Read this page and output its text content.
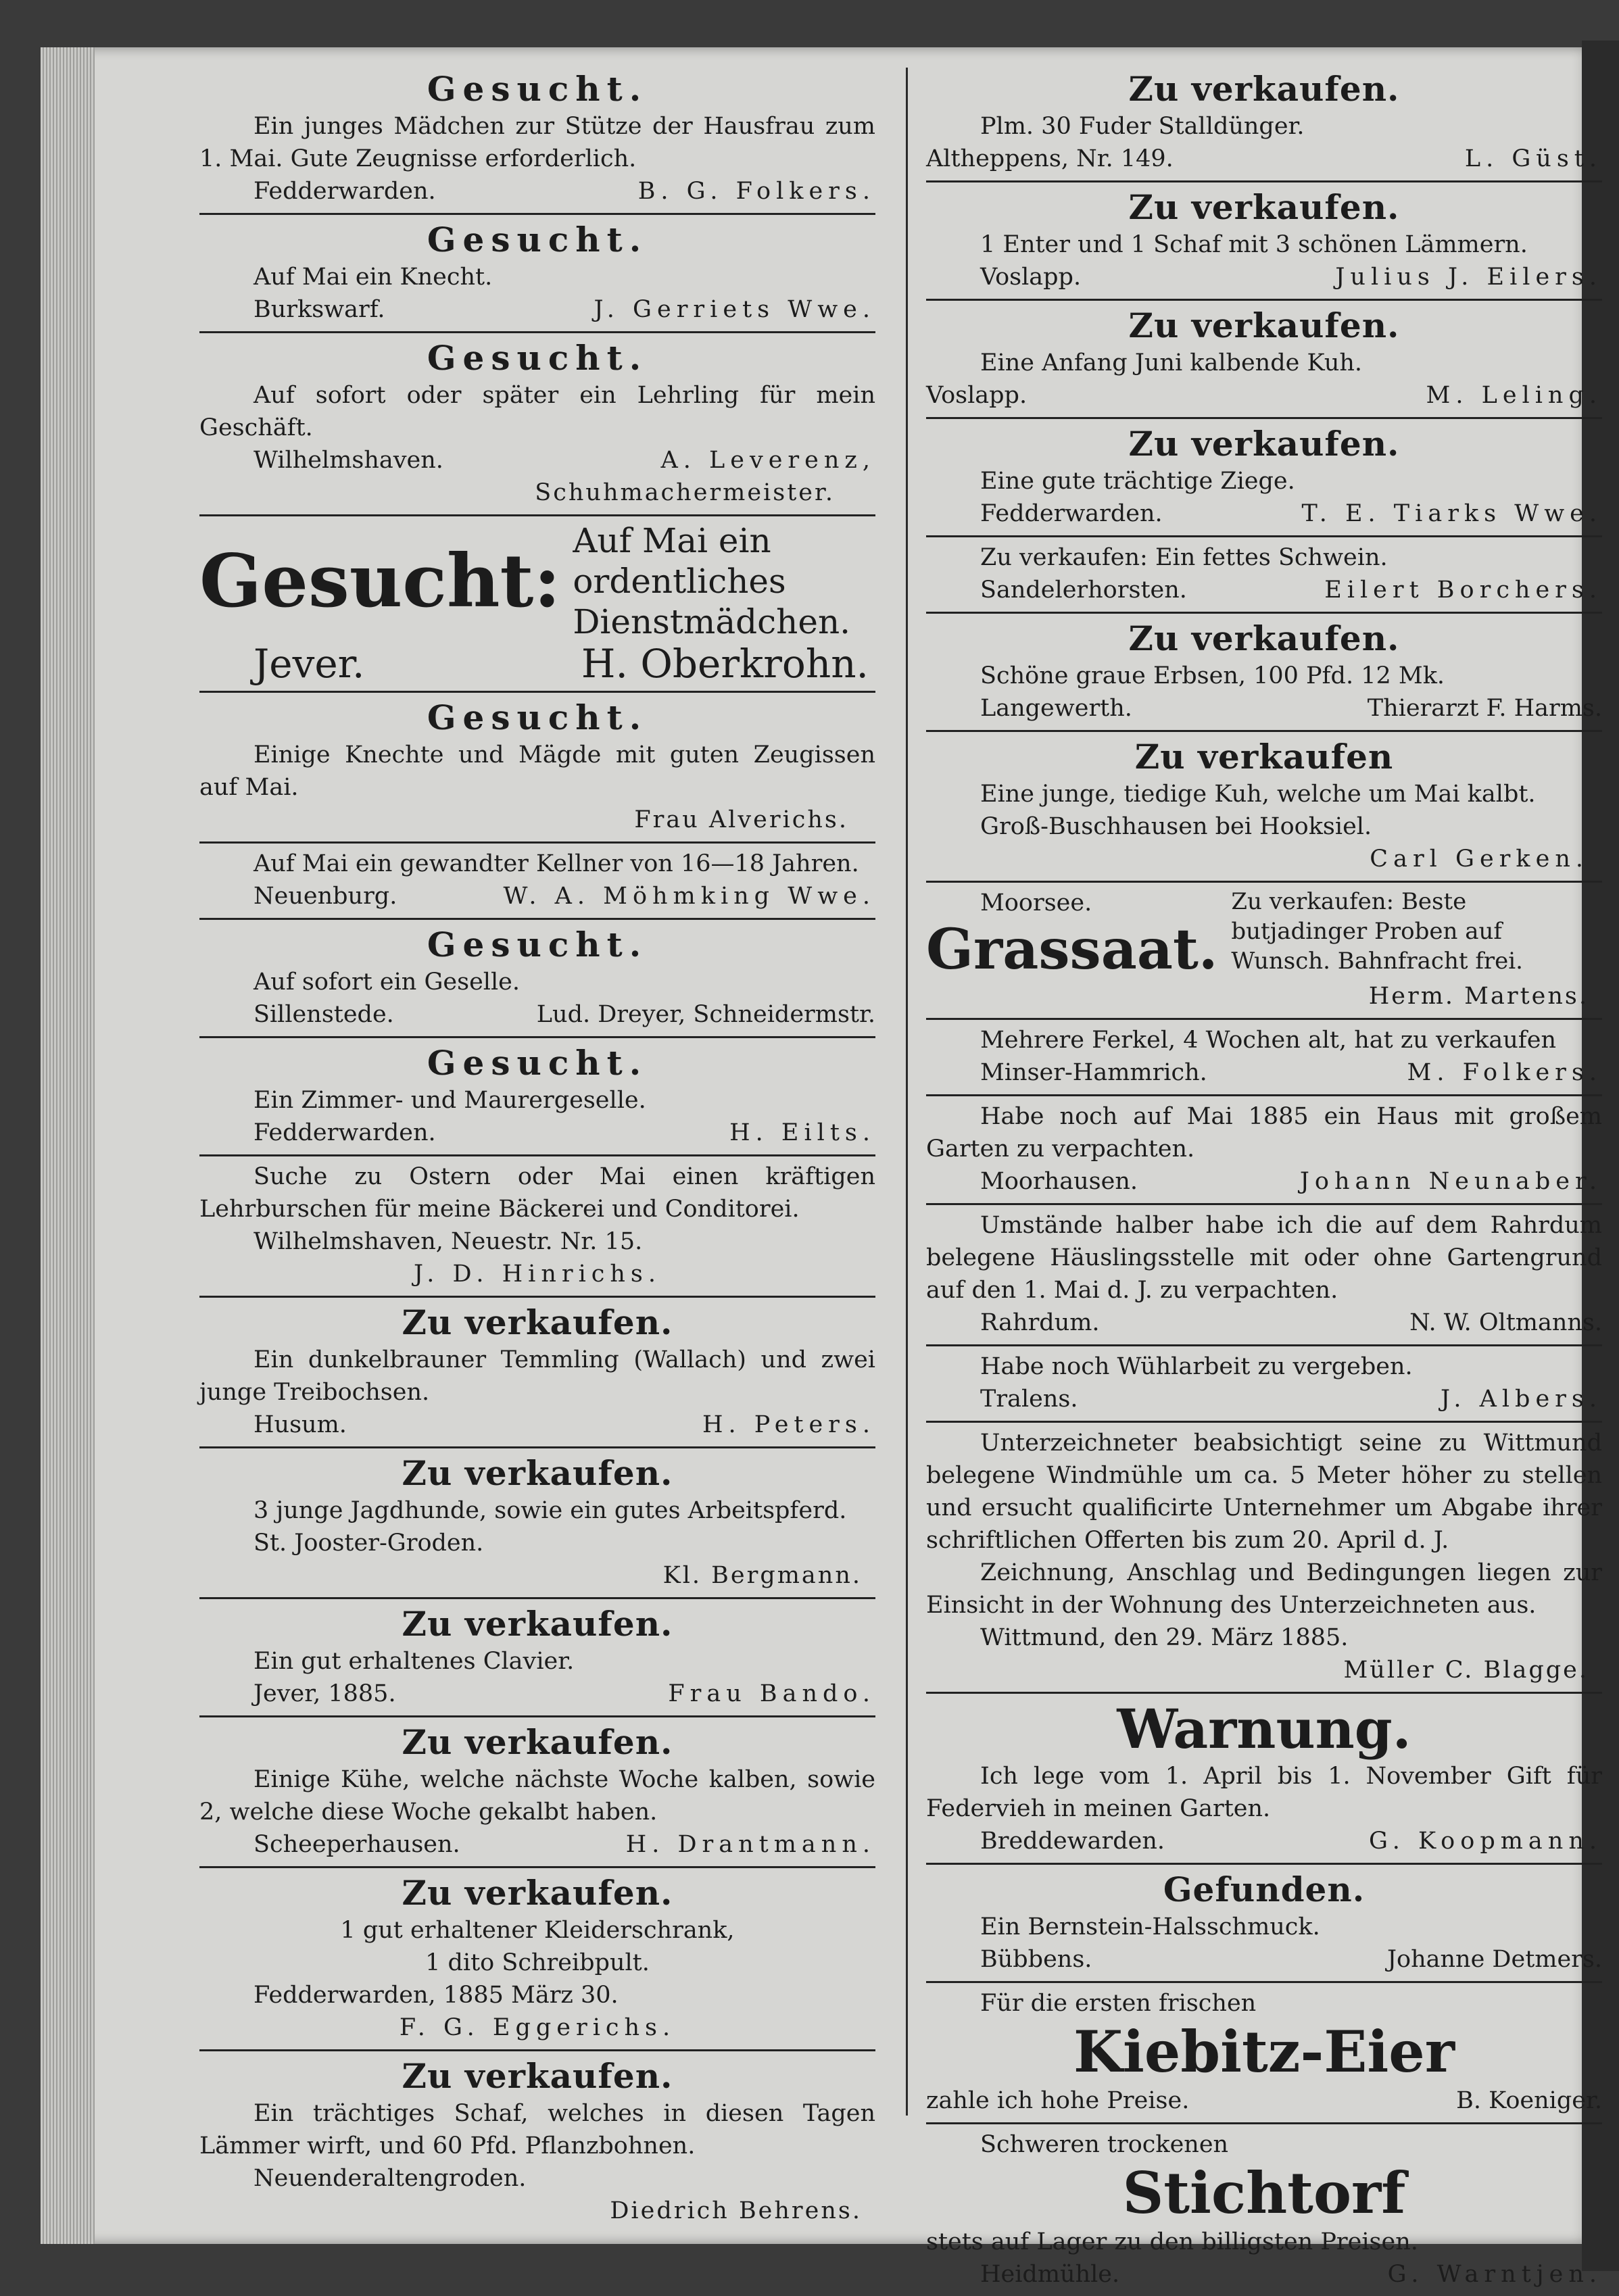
Gesucht.
Ein junges Mädchen zur Stütze der Hausfrau zum 1. Mai. Gute Zeugnisse erforderlich.
Fedderwarden.	B. G. Folkers.
Gesucht.
Auf Mai ein Knecht.
Burkswarf.	J. Gerriets Wwe.
Gesucht.
Auf sofort oder später ein Lehrling für mein Geschäft.
Wilhelmshaven.	A. Leverenz,
Schuhmachermeister.
Gesucht: Auf Mai ein ordentliches Dienstmädchen.
Jever.	H. Oberkrohn.
Gesucht.
Einige Knechte und Mägde mit guten Zeugissen auf Mai.
Frau Alverichs.
Auf Mai ein gewandter Kellner von 16—18 Jahren.
Neuenburg.	W. A. Möhmking Wwe.
Gesucht.
Auf sofort ein Geselle.
Sillenstede.	Lud. Dreyer, Schneidermstr.
Gesucht.
Ein Zimmer- und Maurergeselle.
Fedderwarden.	H. Eilts.
Suche zu Ostern oder Mai einen kräftigen Lehrburschen für meine Bäckerei und Conditorei.
Wilhelmshaven, Neuestr. Nr. 15.
J. D. Hinrichs.
Zu verkaufen.
Ein dunkelbrauner Temmling (Wallach) und zwei junge Treibochsen.
Husum.	H. Peters.
Zu verkaufen.
3 junge Jagdhunde, sowie ein gutes Arbeitspferd.
St. Jooster-Groden.
Kl. Bergmann.
Zu verkaufen.
Ein gut erhaltenes Clavier.
Jever, 1885.	Frau Bando.
Zu verkaufen.
Einige Kühe, welche nächste Woche kalben, sowie 2, welche diese Woche gekalbt haben.
Scheeperhausen.	H. Drantmann.
Zu verkaufen.
1 gut erhaltener Kleiderschrank,
1 dito Schreibpult.
Fedderwarden, 1885 März 30.
F. G. Eggerichs.
Zu verkaufen.
Ein trächtiges Schaf, welches in diesen Tagen Lämmer wirft, und 60 Pfd. Pflanzbohnen.
Neuenderaltengroden.
Diedrich Behrens.
Zu verkaufen.
Plm. 30 Fuder Stalldünger.
Altheppens, Nr. 149.	L. Güst.
Zu verkaufen.
1 Enter und 1 Schaf mit 3 schönen Lämmern.
Voslapp.	Julius J. Eilers.
Zu verkaufen.
Eine Anfang Juni kalbende Kuh.
Voslapp.	M. Leling.
Zu verkaufen.
Eine gute trächtige Ziege.
Fedderwarden.	T. E. Tiarks Wwe.
Zu verkaufen: Ein fettes Schwein.
Sandelerhorsten.	Eilert Borchers.
Zu verkaufen.
Schöne graue Erbsen, 100 Pfd. 12 Mk.
Langewerth.	Thierarzt F. Harms.
Zu verkaufen
Eine junge, tiedige Kuh, welche um Mai kalbt.
Groß-Buschhausen bei Hooksiel.
Carl Gerken.
Moorsee.
Grassaat.
Zu verkaufen: Beste butjadinger Proben auf Wunsch. Bahnfracht frei.
Herm. Martens.
Mehrere Ferkel, 4 Wochen alt, hat zu verkaufen
Minser-Hammrich.	M. Folkers.
Habe noch auf Mai 1885 ein Haus mit großem Garten zu verpachten.
Moorhausen.	Johann Neunaber.
Umstände halber habe ich die auf dem Rahrdum belegene Häuslingsstelle mit oder ohne Gartengrund auf den 1. Mai d. J. zu verpachten.
Rahrdum.	N. W. Oltmanns.
Habe noch Wühlarbeit zu vergeben.
Tralens.	J. Albers.
Unterzeichneter beabsichtigt seine zu Wittmund belegene Windmühle um ca. 5 Meter höher zu stellen und ersucht qualificirte Unternehmer um Abgabe ihrer schriftlichen Offerten bis zum 20. April d. J.
Zeichnung, Anschlag und Bedingungen liegen zur Einsicht in der Wohnung des Unterzeichneten aus.
Wittmund, den 29. März 1885.
Müller C. Blagge.
Warnung.
Ich lege vom 1. April bis 1. November Gift für Federvieh in meinen Garten.
Breddewarden.	G. Koopmann.
Gefunden.
Ein Bernstein-Halsschmuck.
Bübbens.	Johanne Detmers.
Für die ersten frischen
Kiebitz-Eier
zahle ich hohe Preise.	B. Koeniger.
Schweren trockenen
Stichtorf
stets auf Lager zu den billigsten Preisen.
Heidmühle.	G. Warntjen.
